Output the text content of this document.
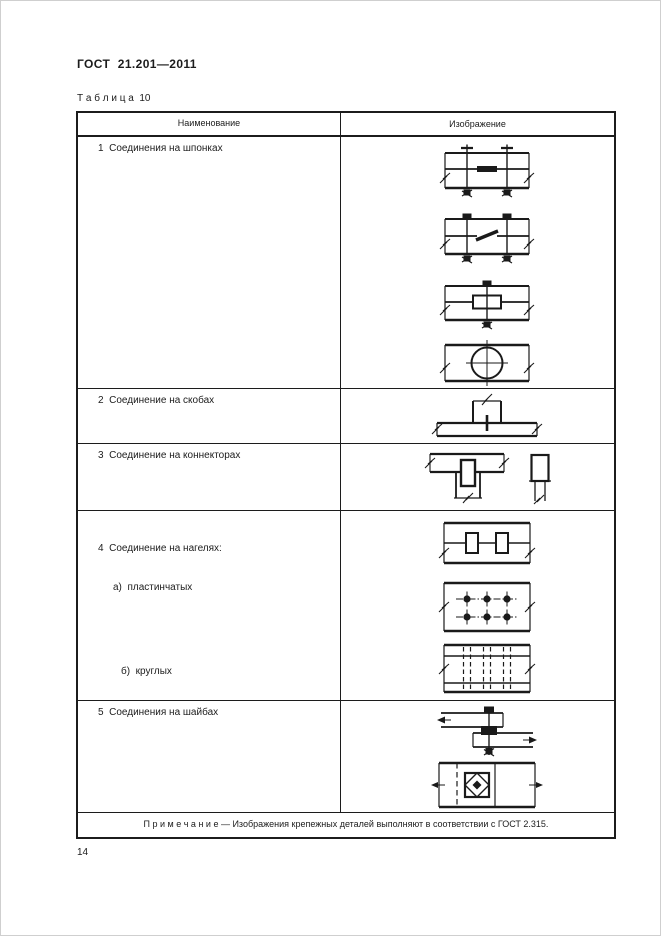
ГОСТ  21.201—2011
Т а б л и ц а  10
Наименование	Изображение
1  Соединения на шпонках
2  Соединение на скобах
3  Соединение на коннекторах

4  Соединение на нагелях:

а)  пластинчатых

б)  круглых

5  Соединения на шайбах
П р и м е ч а н и е — Изображения крепежных деталей выполняют в соответствии с ГОСТ 2.315.
14
